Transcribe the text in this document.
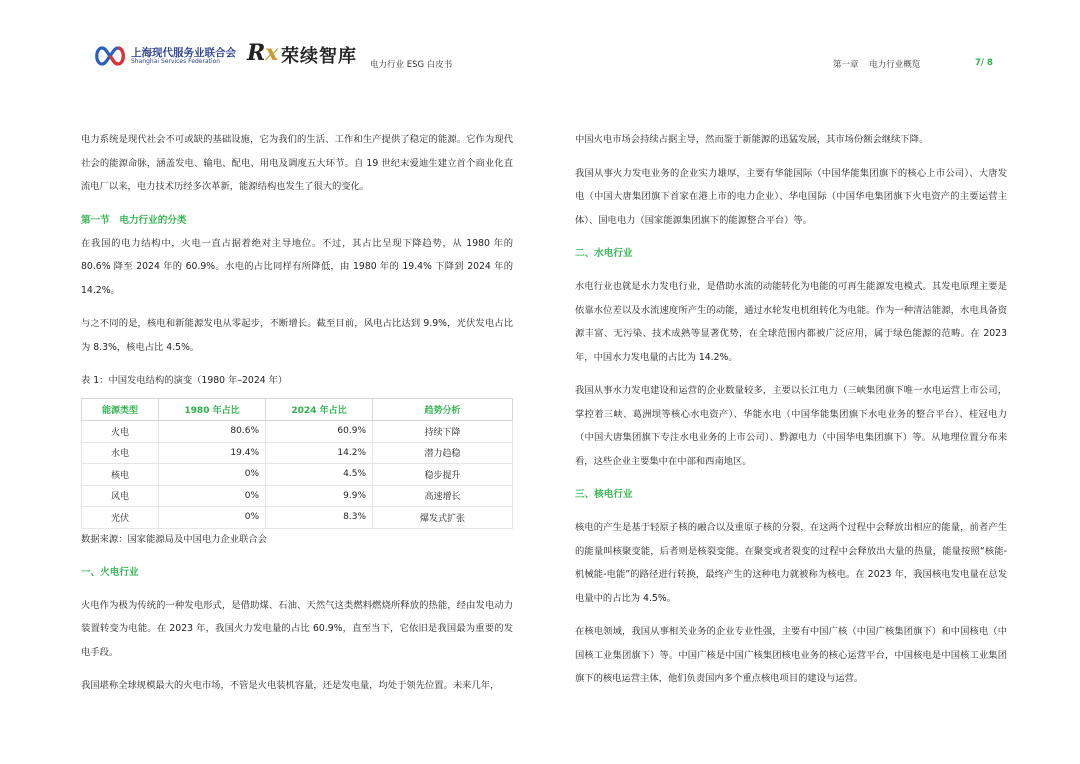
上海现代服务业联合会
Shanghai Services Federation Rx 荣续智库 电力行业 ESG 白皮书	第一章 电力行业概览	7/ 8

电力系统是现代社会不可或缺的基础设施，它为我们的生活、工作和生产提供了稳定的能源。它作为现代社会的能源命脉，涵盖发电、输电、配电、用电及调度五大环节。自 19 世纪末爱迪生建立首个商业化直流电厂以来，电力技术历经多次革新，能源结构也发生了很大的变化。

第一节　电力行业的分类

在我国的电力结构中，火电一直占据着绝对主导地位。不过，其占比呈现下降趋势，从 1980 年的 80.6% 降至 2024 年的 60.9%。水电的占比同样有所降低，由 1980 年的 19.4% 下降到 2024 年的 14.2%。

与之不同的是，核电和新能源发电从零起步，不断增长。截至目前，风电占比达到 9.9%，光伏发电占比为 8.3%，核电占比 4.5%。

表 1：中国发电结构的演变（1980 年–2024 年）
能源类型	1980 年占比	2024 年占比	趋势分析
火电	80.6%	60.9%	持续下降
水电	19.4%	14.2%	潜力趋稳
核电	0%	4.5%	稳步提升
风电	0%	9.9%	高速增长
光伏	0%	8.3%	爆发式扩张
数据来源：国家能源局及中国电力企业联合会
一、火电行业

火电作为极为传统的一种发电形式，是借助煤、石油、天然气这类燃料燃烧所释放的热能，经由发电动力装置转变为电能。在 2023 年，我国火力发电量的占比 60.9%，直至当下，它依旧是我国最为重要的发电手段。

我国堪称全球规模最大的火电市场，不管是火电装机容量，还是发电量，均处于领先位置。未来几年，

中国火电市场会持续占据主导，然而鉴于新能源的迅猛发展，其市场份额会继续下降。

我国从事火力发电业务的企业实力雄厚，主要有华能国际（中国华能集团旗下的核心上市公司）、大唐发电（中国大唐集团旗下首家在港上市的电力企业）、华电国际（中国华电集团旗下火电资产的主要运营主体）、国电电力（国家能源集团旗下的能源整合平台）等。

二、水电行业

水电行业也就是水力发电行业，是借助水流的动能转化为电能的可再生能源发电模式。其发电原理主要是依靠水位差以及水流速度所产生的动能，通过水轮发电机组转化为电能。作为一种清洁能源，水电具备资源丰富、无污染、技术成熟等显著优势，在全球范围内都被广泛应用，属于绿色能源的范畴。在 2023 年，中国水力发电量的占比为 14.2%。

我国从事水力发电建设和运营的企业数量较多，主要以长江电力（三峡集团旗下唯一水电运营上市公司，掌控着三峡、葛洲坝等核心水电资产）、华能水电（中国华能集团旗下水电业务的整合平台）、桂冠电力（中国大唐集团旗下专注水电业务的上市公司）、黔源电力（中国华电集团旗下）等。从地理位置分布来看，这些企业主要集中在中部和西南地区。

三、核电行业

核电的产生是基于轻原子核的融合以及重原子核的分裂，在这两个过程中会释放出相应的能量，前者产生的能量叫核聚变能，后者则是核裂变能。在聚变或者裂变的过程中会释放出大量的热量，能量按照“核能-机械能-电能”的路径进行转换，最终产生的这种电力就被称为核电。在 2023 年，我国核电发电量在总发电量中的占比为 4.5%。

在核电领域，我国从事相关业务的企业专业性强，主要有中国广核（中国广核集团旗下）和中国核电（中国核工业集团旗下）等。中国广核是中国广核集团核电业务的核心运营平台，中国核电是中国核工业集团旗下的核电运营主体，他们负责国内多个重点核电项目的建设与运营。
